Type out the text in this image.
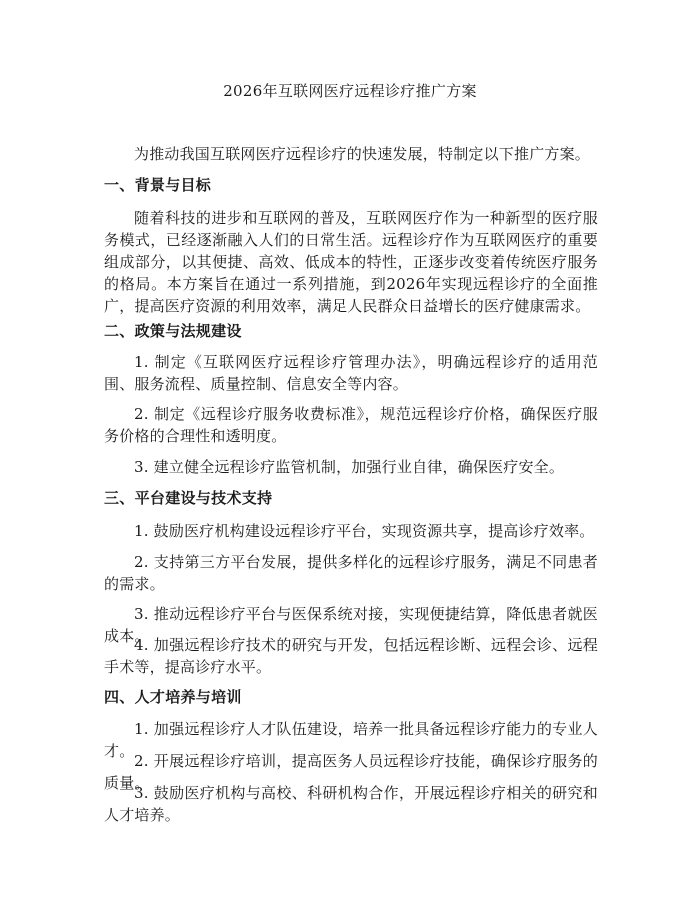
2026年互联网医疗远程诊疗推广方案

为推动我国互联网医疗远程诊疗的快速发展，特制定以下推广方案。

一、背景与目标

随着科技的进步和互联网的普及，互联网医疗作为一种新型的医疗服务模式，已经逐渐融入人们的日常生活。远程诊疗作为互联网医疗的重要组成部分，以其便捷、高效、低成本的特性，正逐步改变着传统医疗服务的格局。本方案旨在通过一系列措施，到2026年实现远程诊疗的全面推广，提高医疗资源的利用效率，满足人民群众日益增长的医疗健康需求。

二、政策与法规建设

1. 制定《互联网医疗远程诊疗管理办法》，明确远程诊疗的适用范围、服务流程、质量控制、信息安全等内容。

2. 制定《远程诊疗服务收费标准》，规范远程诊疗价格，确保医疗服务价格的合理性和透明度。

3. 建立健全远程诊疗监管机制，加强行业自律，确保医疗安全。

三、平台建设与技术支持

1. 鼓励医疗机构建设远程诊疗平台，实现资源共享，提高诊疗效率。

2. 支持第三方平台发展，提供多样化的远程诊疗服务，满足不同患者的需求。

3. 推动远程诊疗平台与医保系统对接，实现便捷结算，降低患者就医成本。

4. 加强远程诊疗技术的研究与开发，包括远程诊断、远程会诊、远程手术等，提高诊疗水平。

四、人才培养与培训

1. 加强远程诊疗人才队伍建设，培养一批具备远程诊疗能力的专业人才。

2. 开展远程诊疗培训，提高医务人员远程诊疗技能，确保诊疗服务的质量。

3. 鼓励医疗机构与高校、科研机构合作，开展远程诊疗相关的研究和人才培养。
